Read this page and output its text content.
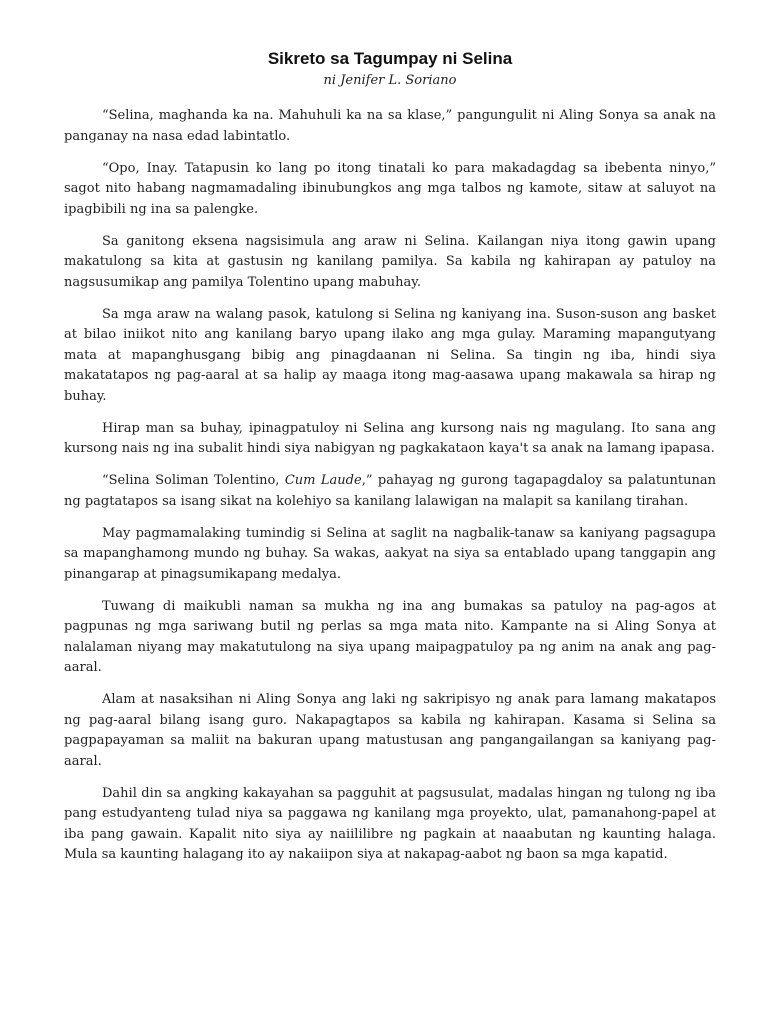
Sikreto sa Tagumpay ni Selina
ni Jenifer L. Soriano

“Selina, maghanda ka na. Mahuhuli ka na sa klase,” pangungulit ni Aling Sonya sa anak na panganay na nasa edad labintatlo.

“Opo, Inay. Tatapusin ko lang po itong tinatali ko para makadagdag sa ibebenta ninyo,” sagot nito habang nagmamadaling ibinubungkos ang mga talbos ng kamote, sitaw at saluyot na ipagbibili ng ina sa palengke.

Sa ganitong eksena nagsisimula ang araw ni Selina. Kailangan niya itong gawin upang makatulong sa kita at gastusin ng kanilang pamilya. Sa kabila ng kahirapan ay patuloy na nagsusumikap ang pamilya Tolentino upang mabuhay.

Sa mga araw na walang pasok, katulong si Selina ng kaniyang ina. Suson-suson ang basket at bilao iniikot nito ang kanilang baryo upang ilako ang mga gulay. Maraming mapangutyang mata at mapanghusgang bibig ang pinagdaanan ni Selina. Sa tingin ng iba, hindi siya makatatapos ng pag-aaral at sa halip ay maaga itong mag-aasawa upang makawala sa hirap ng buhay.

Hirap man sa buhay, ipinagpatuloy ni Selina ang kursong nais ng magulang. Ito sana ang kursong nais ng ina subalit hindi siya nabigyan ng pagkakataon kaya't sa anak na lamang ipapasa.

“Selina Soliman Tolentino, Cum Laude,” pahayag ng gurong tagapagdaloy sa palatuntunan ng pagtatapos sa isang sikat na kolehiyo sa kanilang lalawigan na malapit sa kanilang tirahan.

May pagmamalaking tumindig si Selina at saglit na nagbalik-tanaw sa kaniyang pagsagupa sa mapanghamong mundo ng buhay. Sa wakas, aakyat na siya sa entablado upang tanggapin ang pinangarap at pinagsumikapang medalya.

Tuwang di maikubli naman sa mukha ng ina ang bumakas sa patuloy na pag-agos at pagpunas ng mga sariwang butil ng perlas sa mga mata nito. Kampante na si Aling Sonya at nalalaman niyang may makatutulong na siya upang maipagpatuloy pa ng anim na anak ang pag-aaral.

Alam at nasaksihan ni Aling Sonya ang laki ng sakripisyo ng anak para lamang makatapos ng pag-aaral bilang isang guro. Nakapagtapos sa kabila ng kahirapan. Kasama si Selina sa pagpapayaman sa maliit na bakuran upang matustusan ang pangangailangan sa kaniyang pag-aaral.

Dahil din sa angking kakayahan sa pagguhit at pagsusulat, madalas hingan ng tulong ng iba pang estudyanteng tulad niya sa paggawa ng kanilang mga proyekto, ulat, pamanahong-papel at iba pang gawain. Kapalit nito siya ay naiililibre ng pagkain at naaabutan ng kaunting halaga. Mula sa kaunting halagang ito ay nakaiipon siya at nakapag-aabot ng baon sa mga kapatid.
